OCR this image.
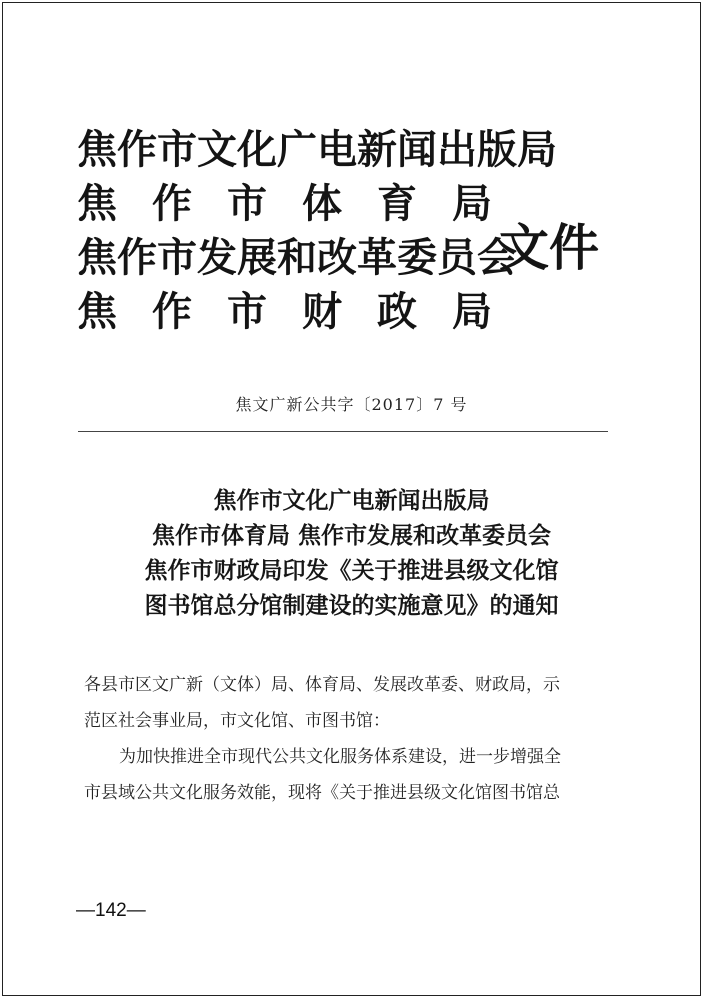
焦作市文化广电新闻出版局
焦 作 市 体 育 局
焦作市发展和改革委员会
焦 作 市 财 政 局
文件
焦文广新公共字〔2017〕7 号
焦作市文化广电新闻出版局
焦作市体育局 焦作市发展和改革委员会
焦作市财政局印发《关于推进县级文化馆
图书馆总分馆制建设的实施意见》的通知

各县市区文广新（文体）局、体育局、发展改革委、财政局，示

范区社会事业局，市文化馆、市图书馆：

为加快推进全市现代公共文化服务体系建设，进一步增强全

市县域公共文化服务效能，现将《关于推进县级文化馆图书馆总

—142—
